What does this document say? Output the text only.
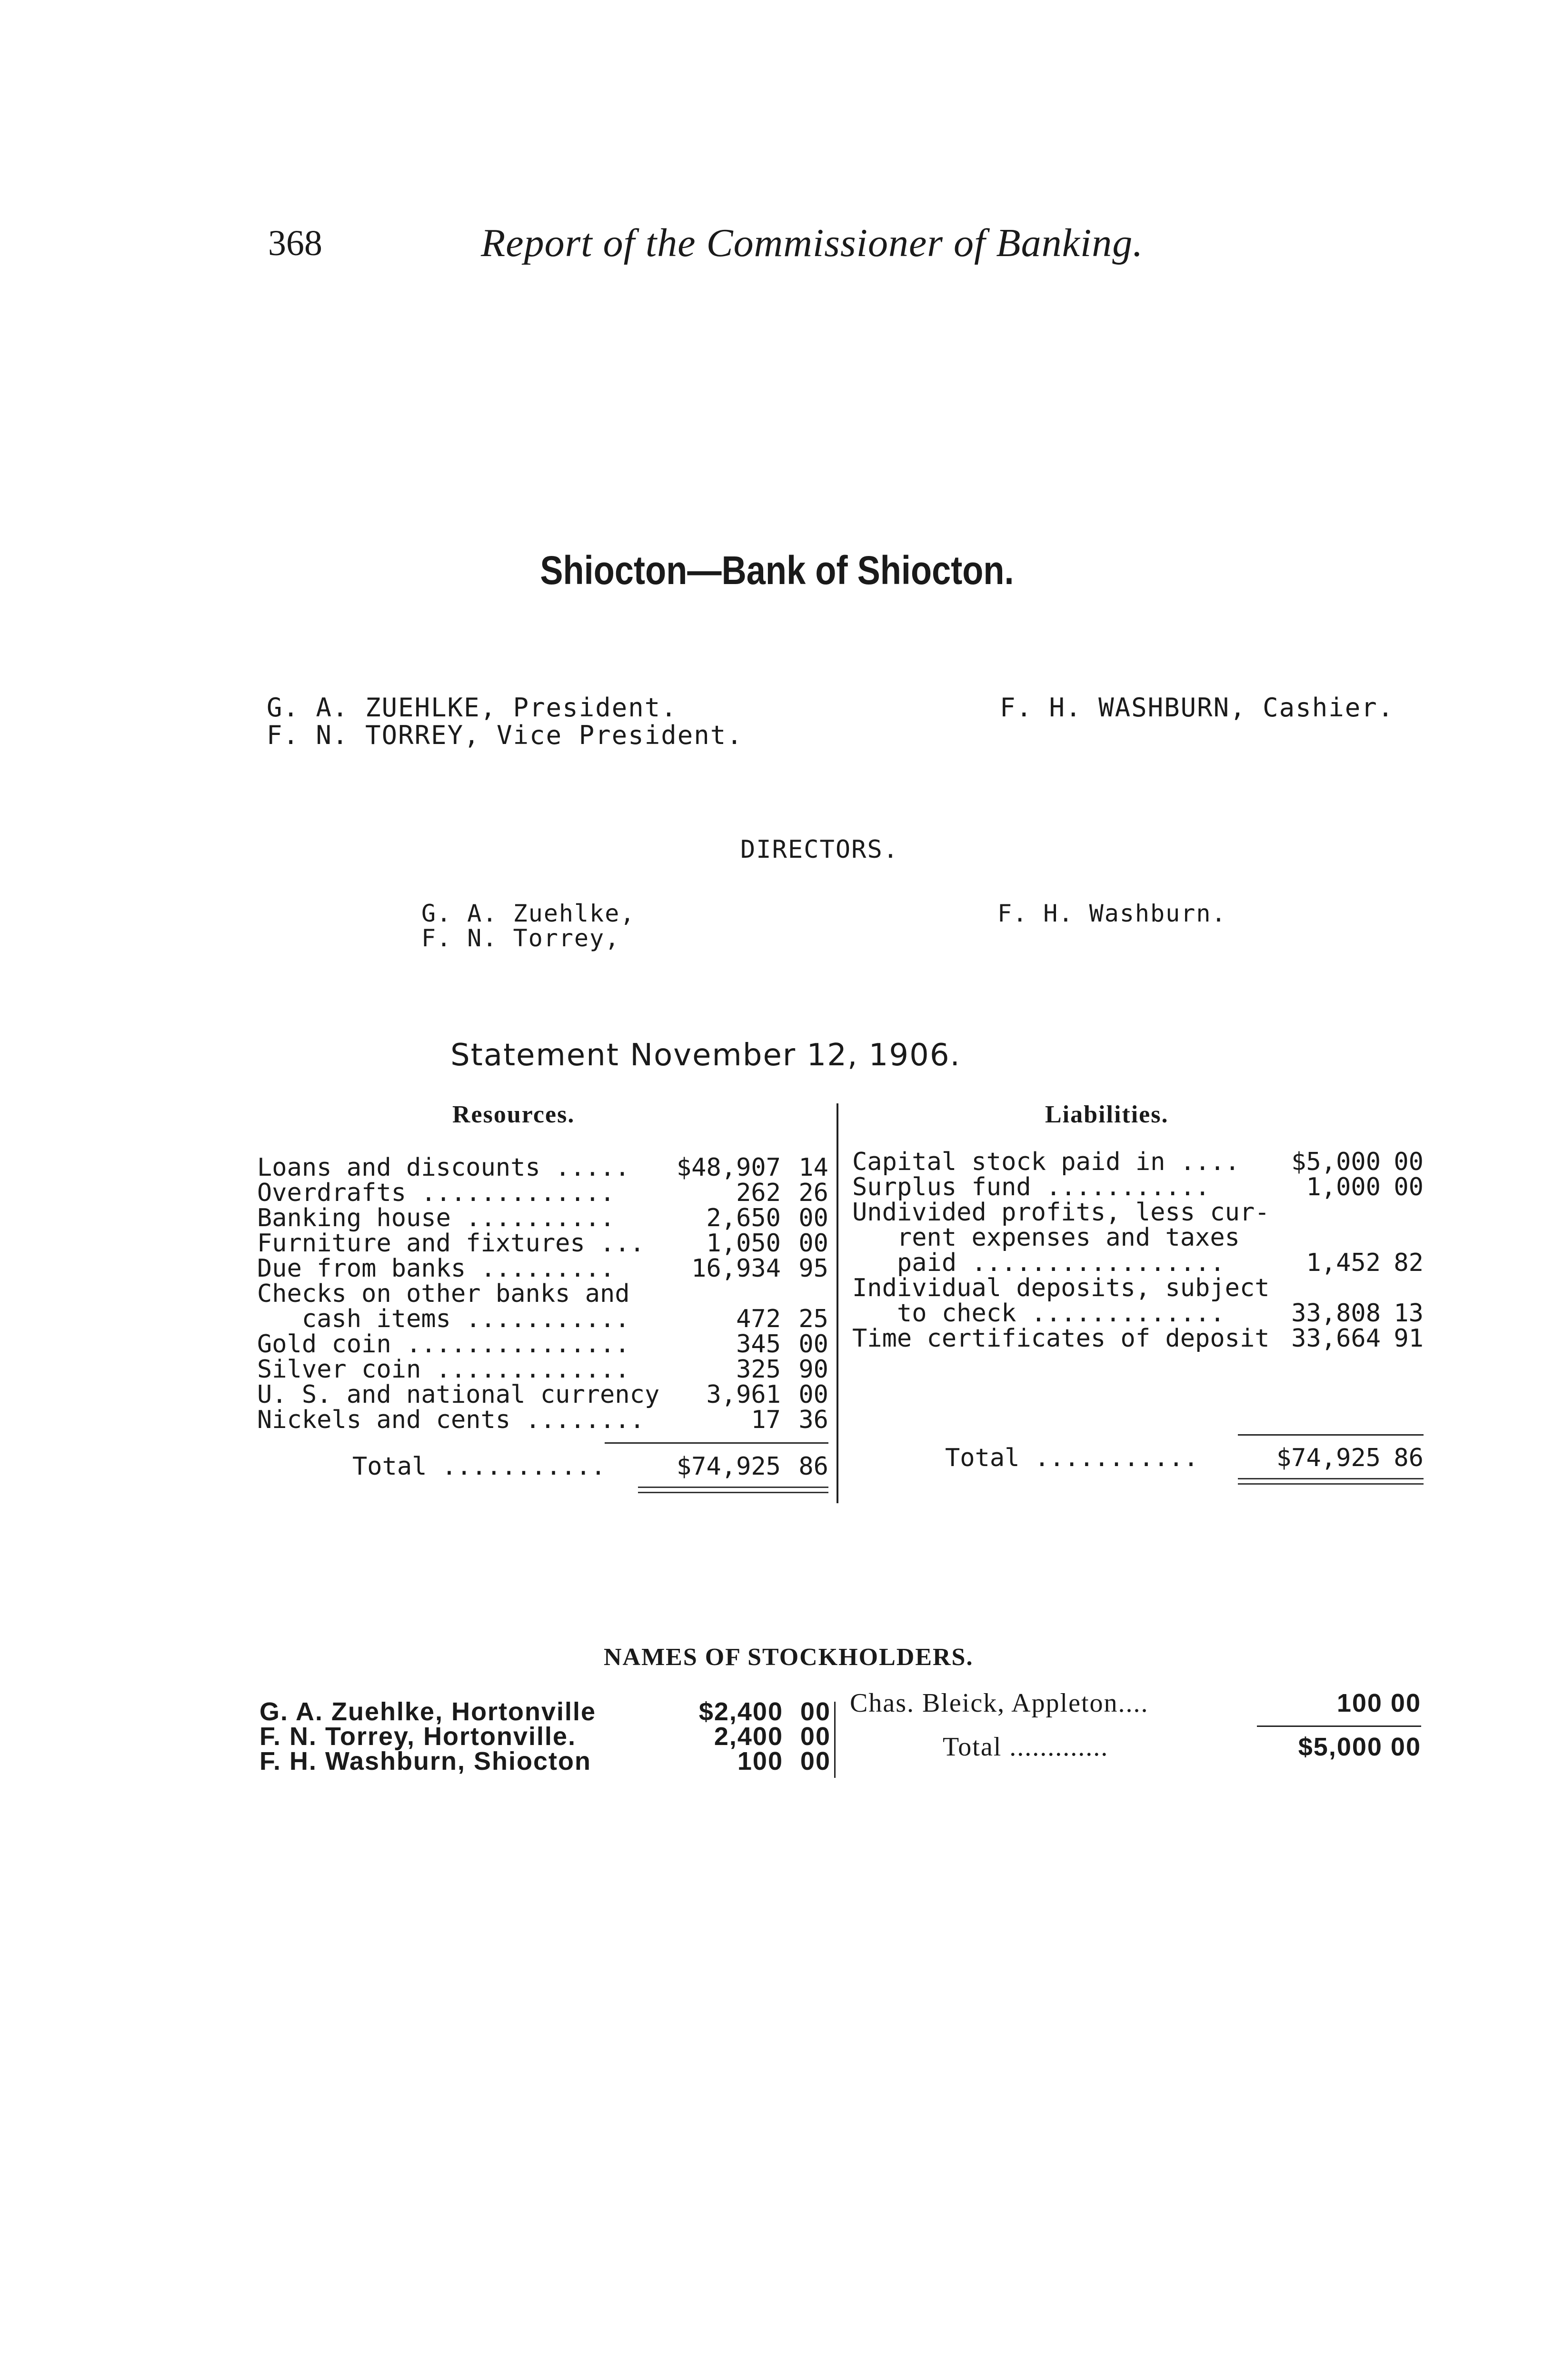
368	Report of the Commissioner of Banking.
Shiocton—Bank of Shiocton.
G. A. ZUEHLKE, President.
F. N. TORREY, Vice President.
F. H. WASHBURN, Cashier.
DIRECTORS.
G. A. Zuehlke,
F. N. Torrey,
F. H. Washburn.
Statement November 12, 1906.
Resources.	Liabilities.
Loans and discounts .....	$48,907 14
Overdrafts .............	262 26
Banking house ..........	2,650 00
Furniture and fixtures ...	1,050 00
Due from banks .........	16,934 95
Checks on other banks and
cash items ...........	472 25
Gold coin ...............	345 00
Silver coin .............	325 90
U. S. and national currency	3,961 00
Nickels and cents ........	17 36
Total ...........	$74,925 86
Capital stock paid in ....	$5,000 00
Surplus fund ...........	1,000 00
Undivided profits, less cur-
rent expenses and taxes
paid .................	1,452 82
Individual deposits, subject
to check .............	33,808 13
Time certificates of deposit 33,664 91
Total ...........	$74,925 86
NAMES OF STOCKHOLDERS.
G. A. Zuehlke, Hortonville	$2,400 00
F. N. Torrey, Hortonville.	2,400 00
F. H. Washburn, Shiocton	100 00
Chas. Bleick, Appleton....	100 00
Total .............	$5,000 00
